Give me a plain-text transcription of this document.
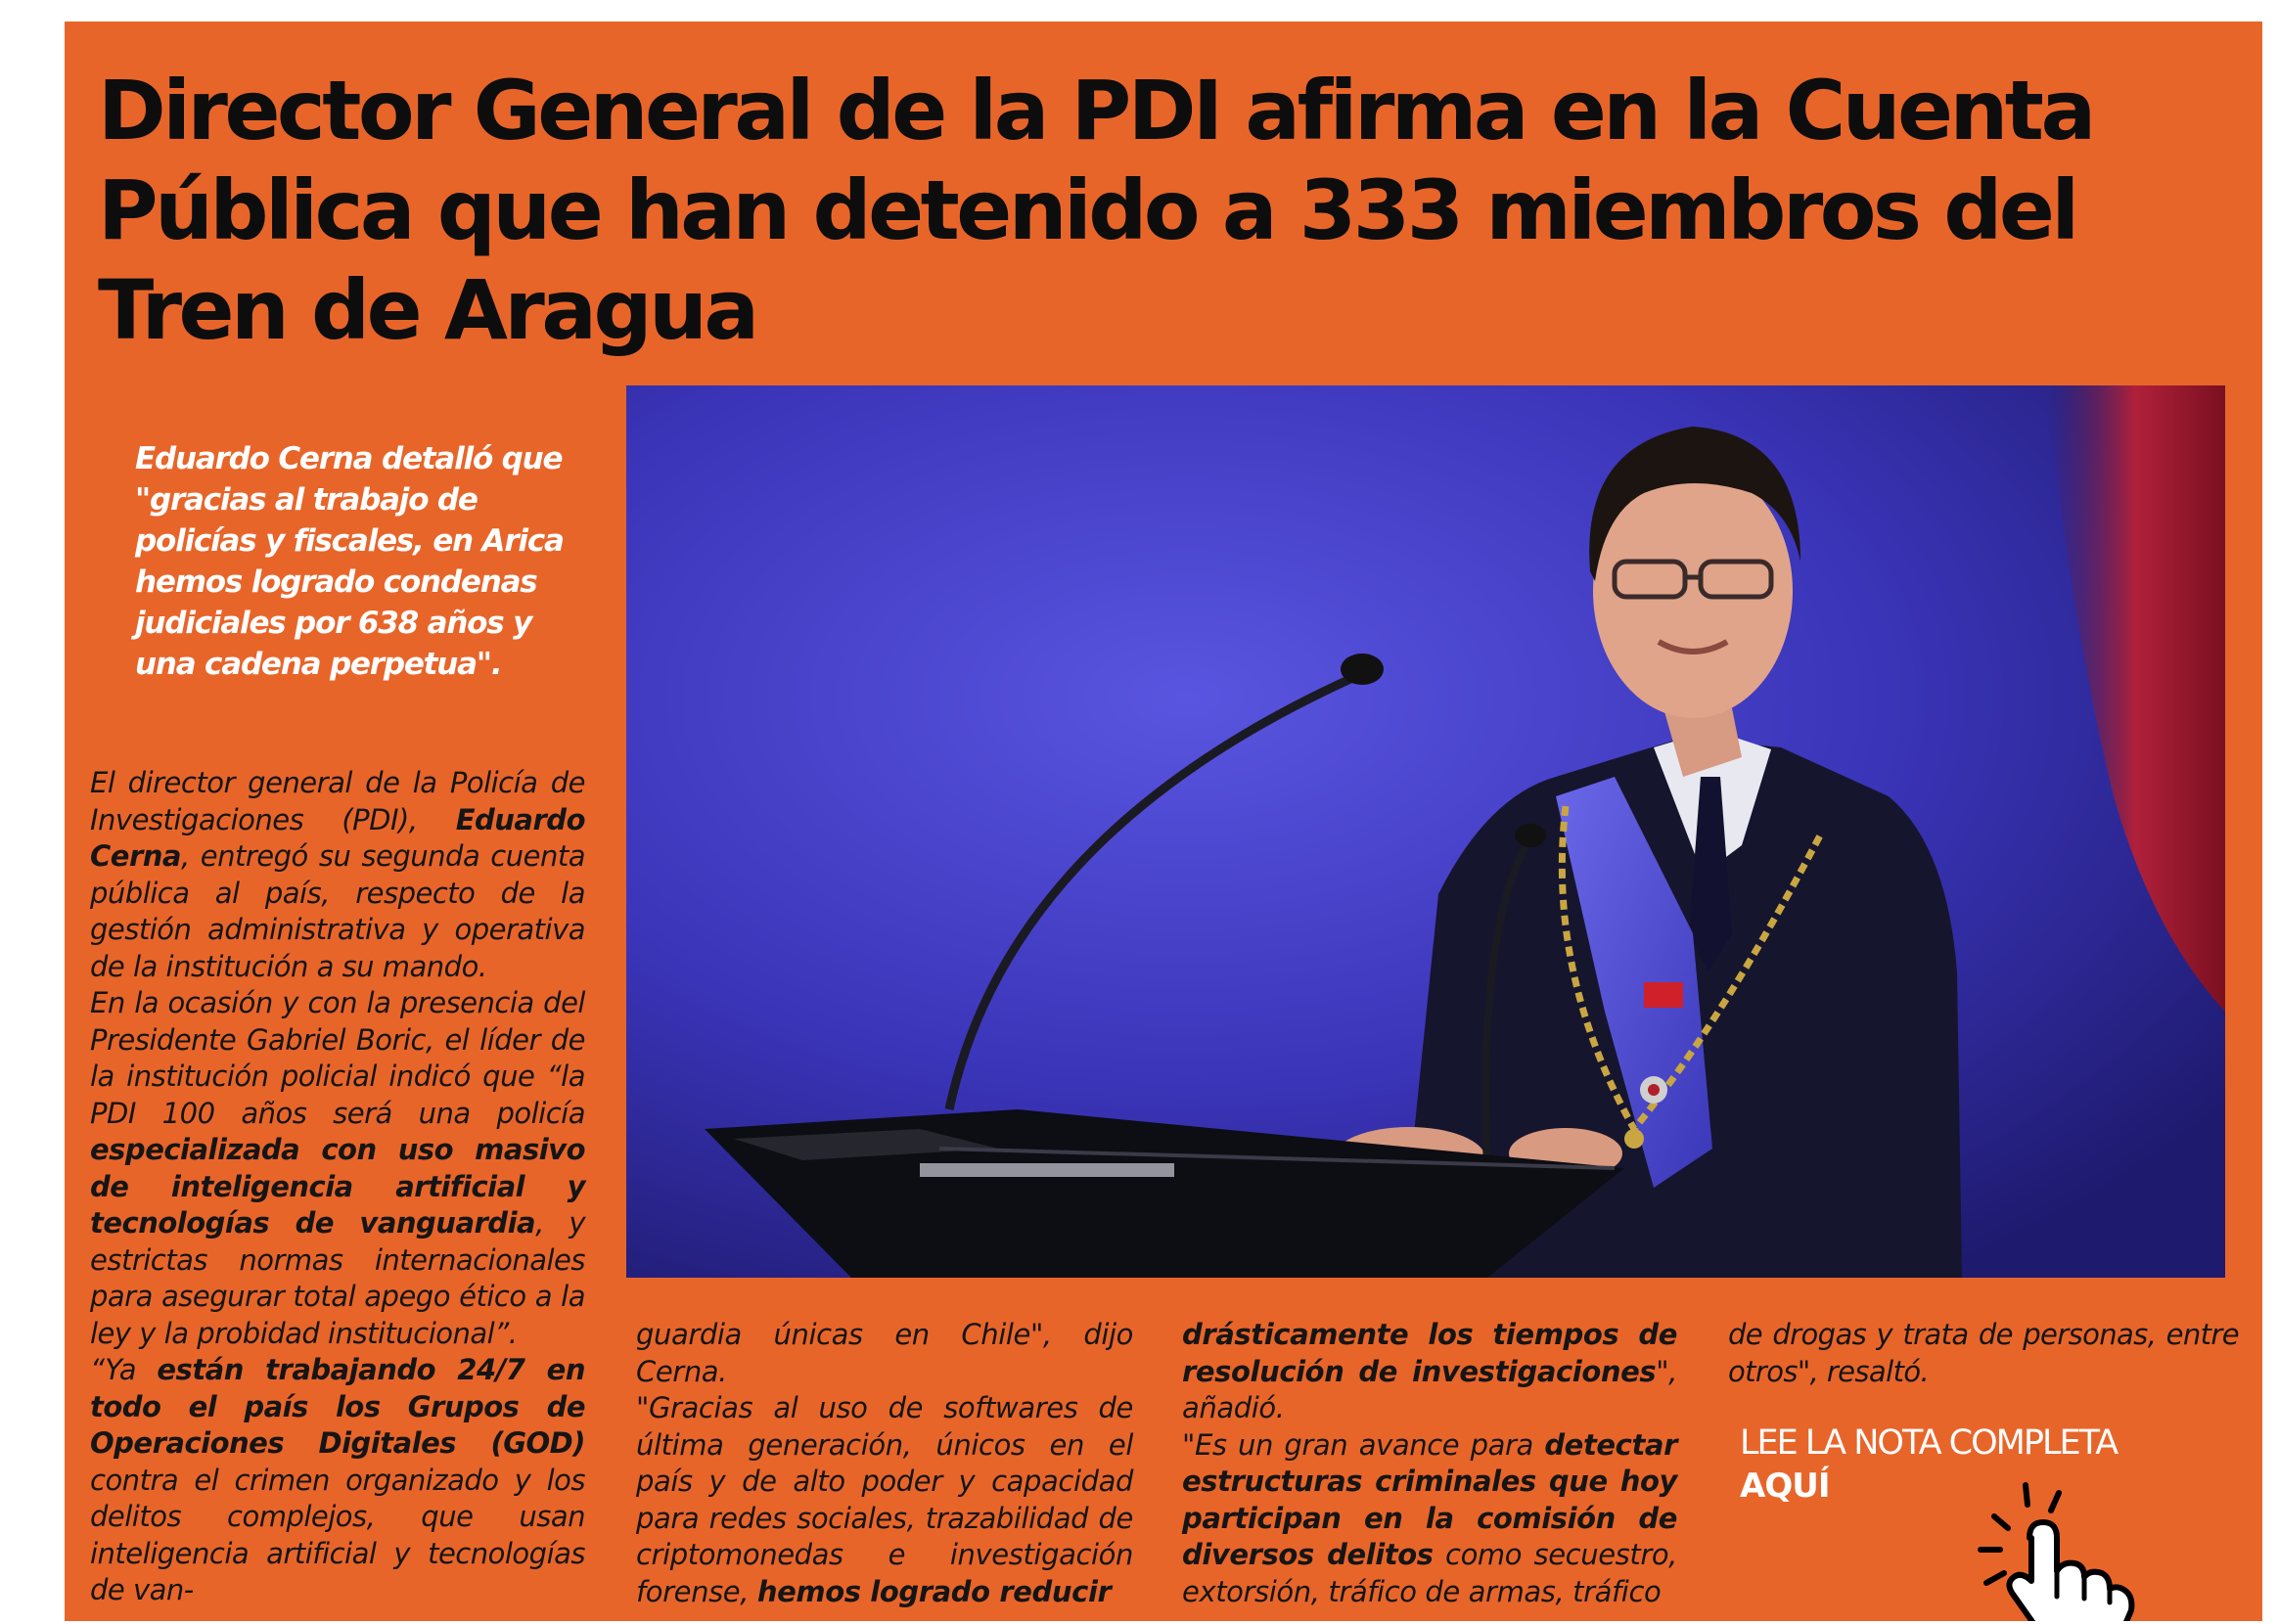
Director General de la PDI afirma en la Cuenta Pública que han detenido a 333 miembros del Tren de Aragua

Eduardo Cerna detalló que "gracias al trabajo de policías y fiscales, en Arica hemos logrado condenas judiciales por 638 años y una cadena perpetua".

El director general de la Policía de Investigaciones (PDI), Eduardo Cerna, entregó su segunda cuenta pública al país, respecto de la gestión administrativa y operativa de la institución a su mando.

En la ocasión y con la presencia del Presidente Gabriel Boric, el líder de la institución policial indicó que “la PDI 100 años será una policía especializada con uso masivo de inteligencia artificial y tecnologías de vanguardia, y estrictas normas internacionales para asegurar total apego ético a la ley y la probidad institucional”.

“Ya están trabajando 24/7 en todo el país los Grupos de Operaciones Digitales (GOD) contra el crimen organizado y los delitos complejos, que usan inteligencia artificial y tecnologías de van-

guardia únicas en Chile", dijo Cerna.

"Gracias al uso de softwares de última generación, únicos en el país y de alto poder y capacidad para redes sociales, trazabilidad de criptomonedas e investigación forense, hemos logrado reducir

drásticamente los tiempos de resolución de investigaciones", añadió.

"Es un gran avance para detectar estructuras criminales que hoy participan en la comisión de diversos delitos como secuestro, extorsión, tráfico de armas, tráfico

de drogas y trata de personas, entre otros", resaltó.

LEE LA NOTA COMPLETA
AQUÍ
